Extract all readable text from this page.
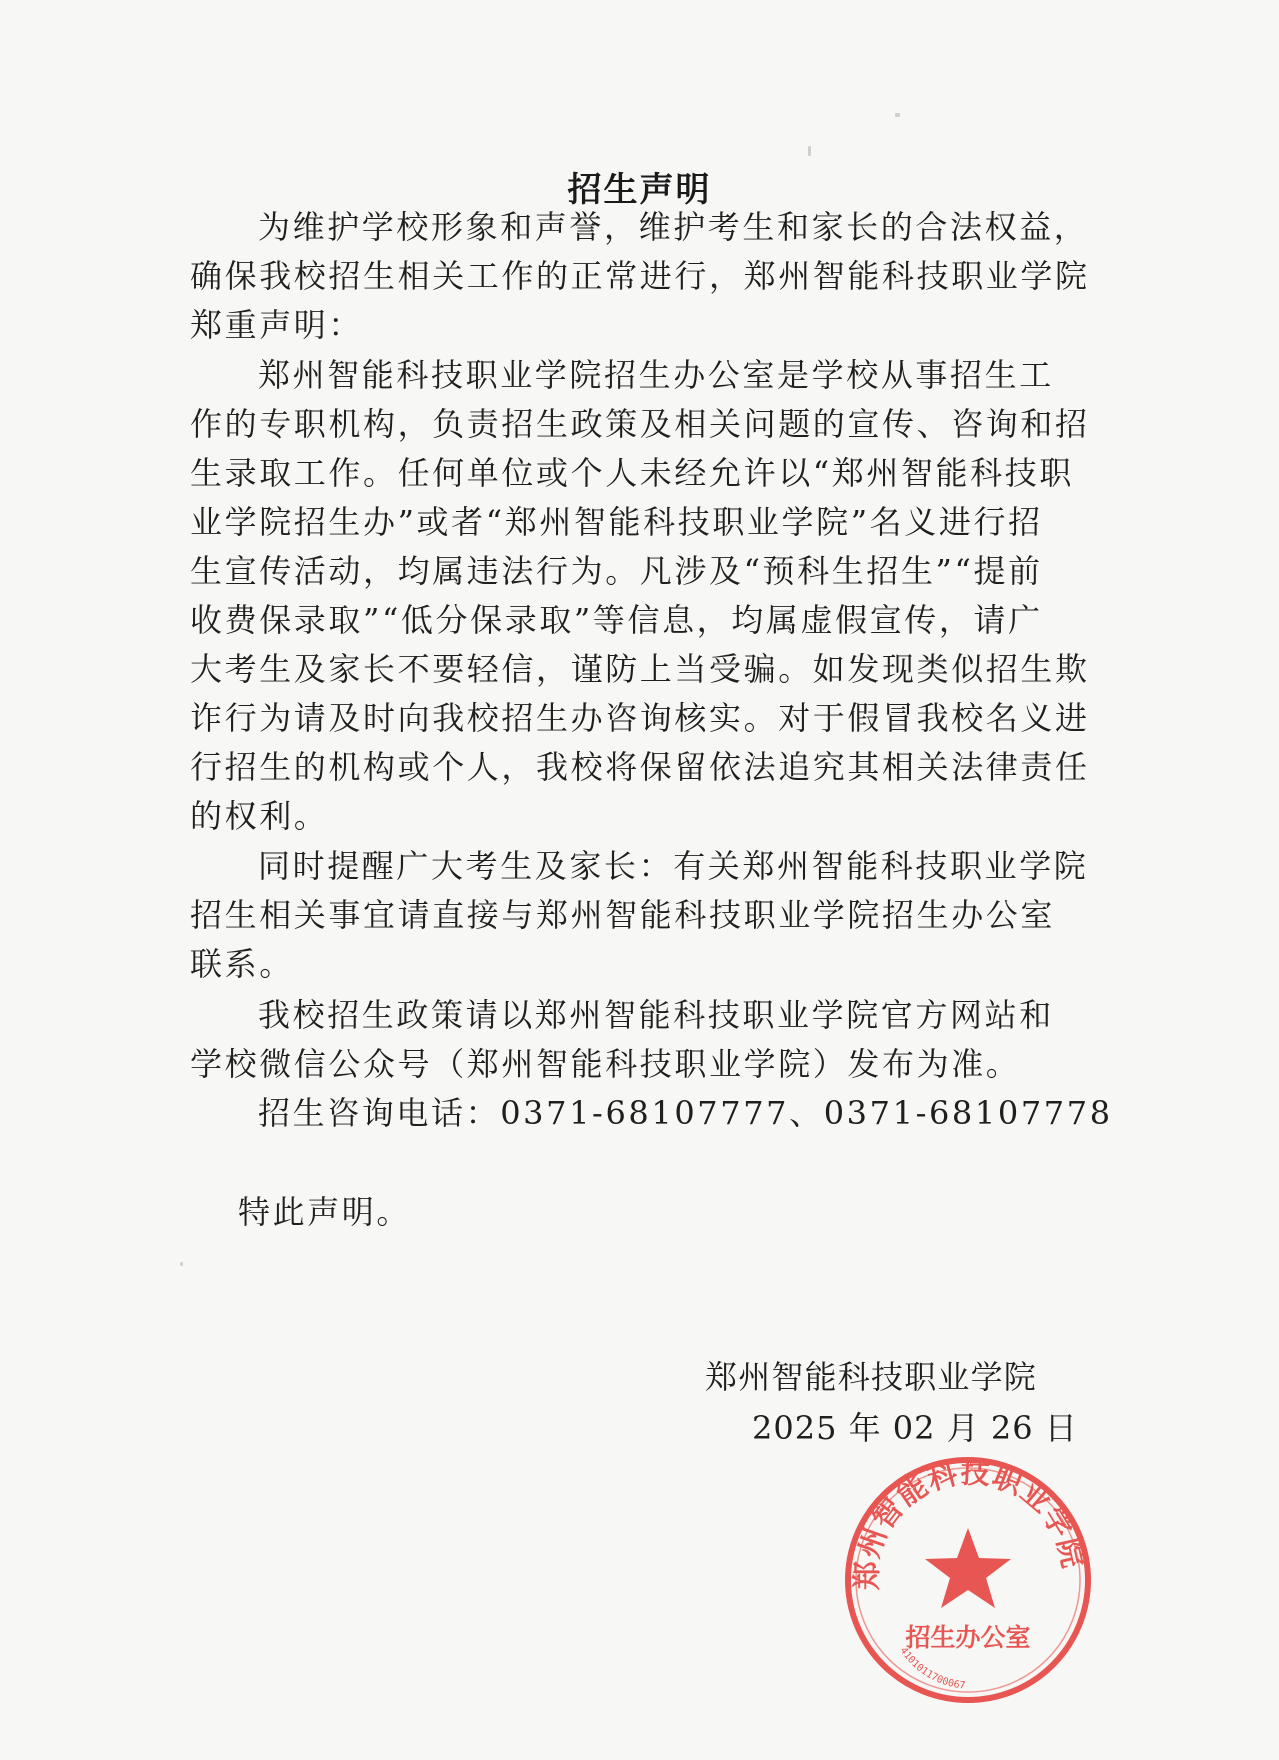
招生声明
为维护学校形象和声誉，维护考生和家长的合法权益，
确保我校招生相关工作的正常进行，郑州智能科技职业学院
郑重声明：
郑州智能科技职业学院招生办公室是学校从事招生工
作的专职机构，负责招生政策及相关问题的宣传、咨询和招
生录取工作。任何单位或个人未经允许以“郑州智能科技职
业学院招生办”或者“郑州智能科技职业学院”名义进行招
生宣传活动，均属违法行为。凡涉及“预科生招生”“提前
收费保录取”“低分保录取”等信息，均属虚假宣传，请广
大考生及家长不要轻信，谨防上当受骗。如发现类似招生欺
诈行为请及时向我校招生办咨询核实。对于假冒我校名义进
行招生的机构或个人，我校将保留依法追究其相关法律责任
的权利。
同时提醒广大考生及家长：有关郑州智能科技职业学院
招生相关事宜请直接与郑州智能科技职业学院招生办公室
联系。
我校招生政策请以郑州智能科技职业学院官方网站和
学校微信公众号（郑州智能科技职业学院）发布为准。
招生咨询电话：0371-68107777、0371-68107778
特此声明。
郑州智能科技职业学院
招生办公室
4101011700067
郑州智能科技职业学院
2025 年 02 月 26 日
